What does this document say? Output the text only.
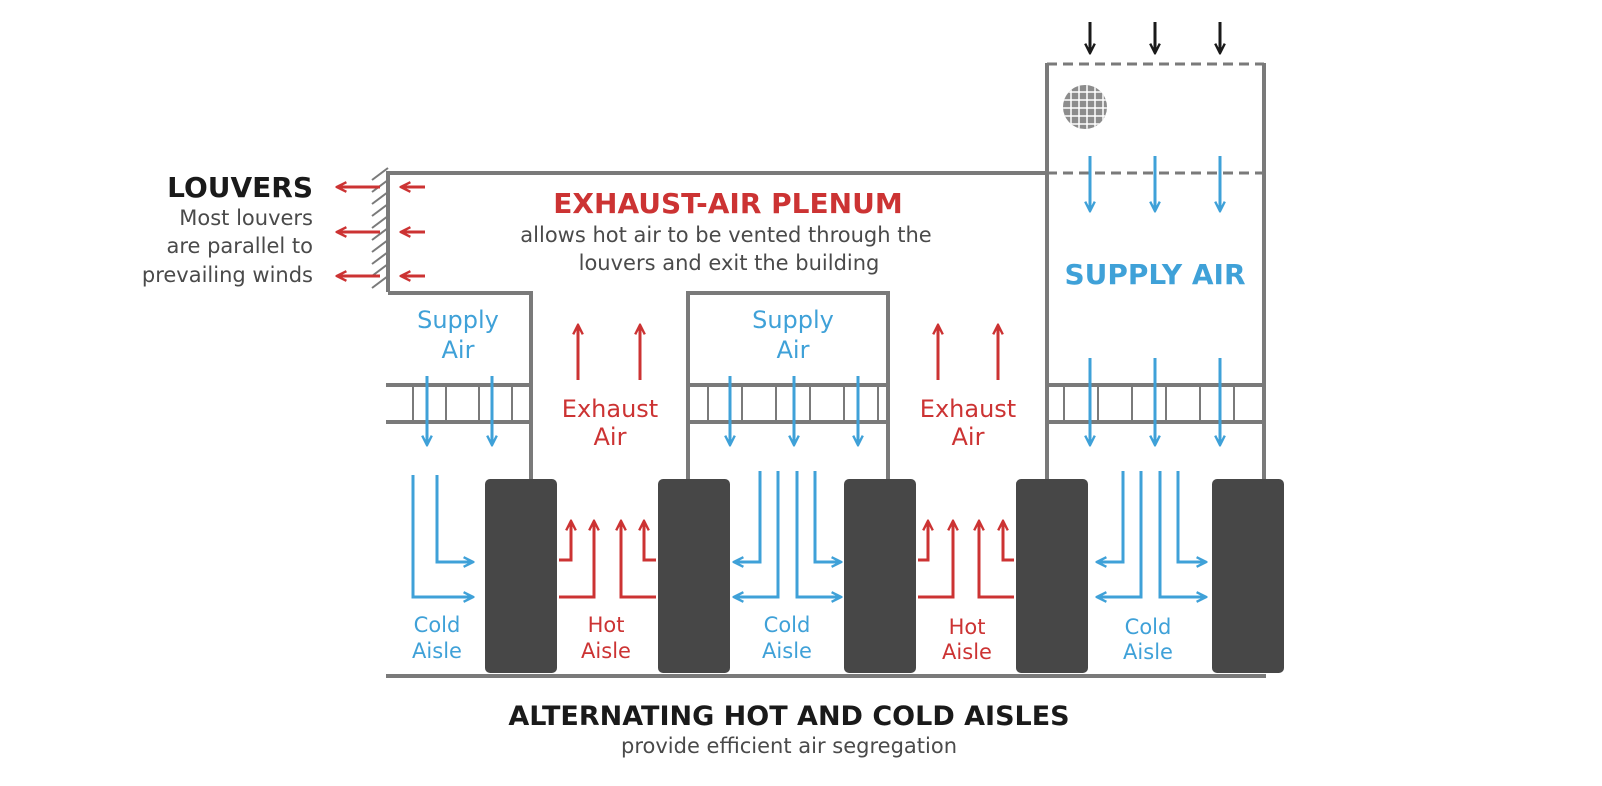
LOUVERS
Most louvers
are parallel to
prevailing winds
EXHAUST-AIR PLENUM
allows hot air to be vented through the
louvers and exit the building	SUPPLY AIR
Supply
Air
Supply
Air
Exhaust
Air
Exhaust
Air
Cold
Aisle
Hot
Aisle
Cold
Aisle
Hot
Aisle
Cold
Aisle
ALTERNATING HOT AND COLD AISLES
provide efficient air segregation
